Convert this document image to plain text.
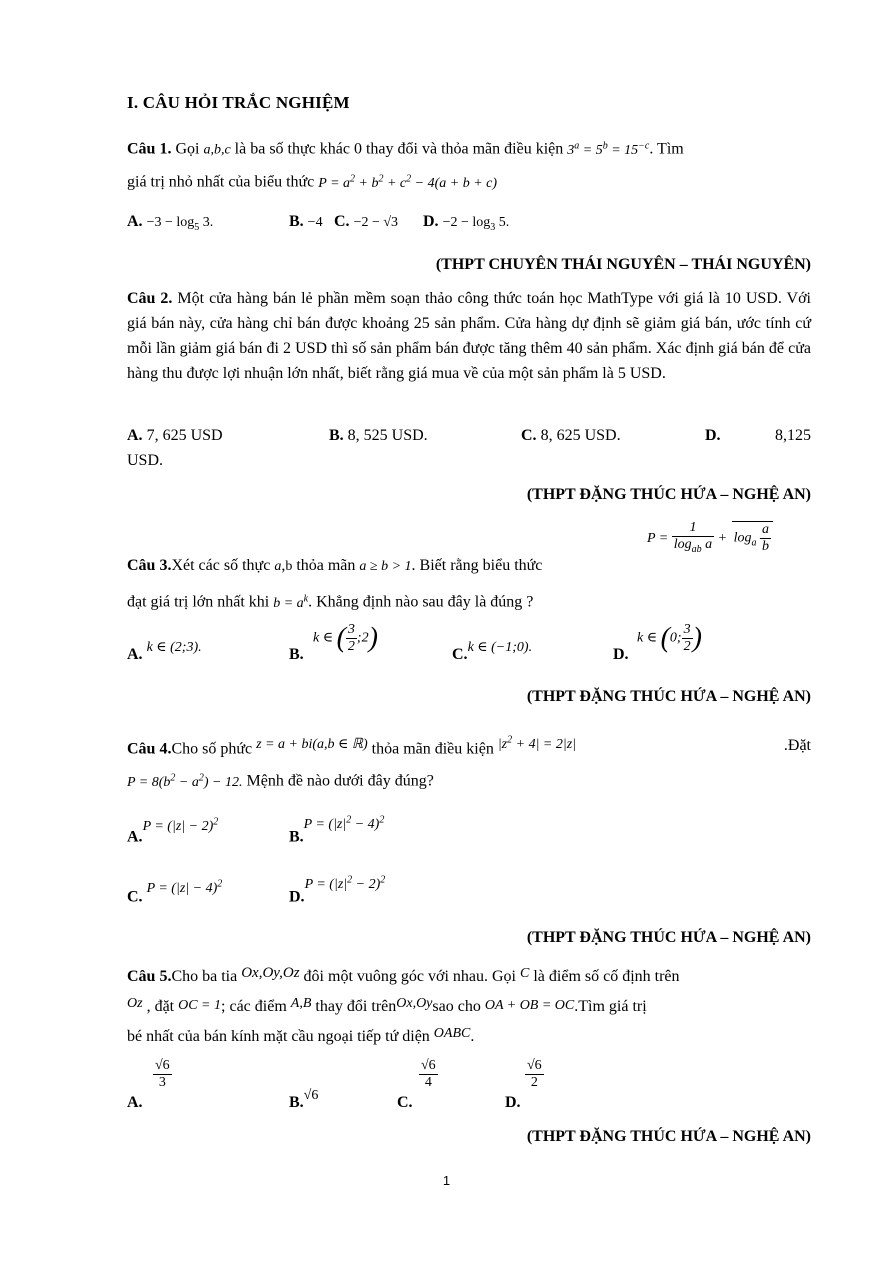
I. CÂU HỎI TRẮC NGHIỆM
Câu 1. Gọi a,b,c là ba số thực khác 0 thay đổi và thỏa mãn điều kiện $3^a = 5^b = 15^{-c}$. Tìm
giá trị nhỏ nhất của biểu thức $P = a^2 + b^2 + c^2 - 4(a + b + c)$
A. $-3 - \log_5 3$.	B. −4 C. −2 − √3 D. $-2 - \log_3 5$.
(THPT CHUYÊN THÁI NGUYÊN – THÁI NGUYÊN)
Câu 2. Một cửa hàng bán lẻ phần mềm soạn thảo công thức toán học MathType với giá là 10 USD. Với giá bán này, cửa hàng chỉ bán được khoảng 25 sản phẩm. Cửa hàng dự định sẽ giảm giá bán, ước tính cứ mỗi lần giảm giá bán đi 2 USD thì số sản phẩm bán được tăng thêm 40 sản phẩm. Xác định giá bán để cửa hàng thu được lợi nhuận lớn nhất, biết rằng giá mua về của một sản phẩm là 5 USD.
A. 7, 625 USD	B. 8, 525 USD.	C. 8, 625 USD.	D.	8,125
USD.
(THPT ĐẶNG THÚC HỨA – NGHỆ AN)
Câu 3.Xét các số thực a,b thỏa mãn a ≥ b > 1. Biết rằng biểu thức
$P = \frac{1}{\log_{ab} a} + \log_a \frac{a}{b}$
đạt giá trị lớn nhất khi $b = a^k$. Khẳng định nào sau đây là đúng ?
A. k ∈ (2;3).	B.
k ∈ ( $\frac{3}{2}$ ;2)
C.k ∈ (−1;0).	D.
k ∈ (0; $\frac{3}{2}$ )
(THPT ĐẶNG THÚC HỨA – NGHỆ AN)
Câu 4.Cho số phức z = a + bi(a,b ∈ ℝ) thỏa mãn điều kiện $|z^2 + 4| = 2|z|$	.Đặt
$P = 8(b^2 - a^2) - 12$. Mệnh đề nào dưới đây đúng?
$A.P = (|z| - 2)^2$
$B.P = (|z|^2 - 4)^2$
C. $P = (|z| - 4)^2$
$D.P = (|z|^2 - 2)^2$
(THPT ĐẶNG THÚC HỨA – NGHỆ AN)
Câu 5.Cho ba tia Ox,Oy,Oz đôi một vuông góc với nhau. Gọi C là điểm số cố định trên
Oz , đặt OC = 1; các điểm A,B thay đổi trênOx,Oysao cho OA + OB = OC.Tìm giá trị
bé nhất của bán kính mặt cầu ngoại tiếp tứ diện OABC.
A.
$\frac{√6}{3}$
B.√6	C.
$\frac{√6}{4}$
D.
$\frac{√6}{2}$
(THPT ĐẶNG THÚC HỨA – NGHỆ AN)
1
